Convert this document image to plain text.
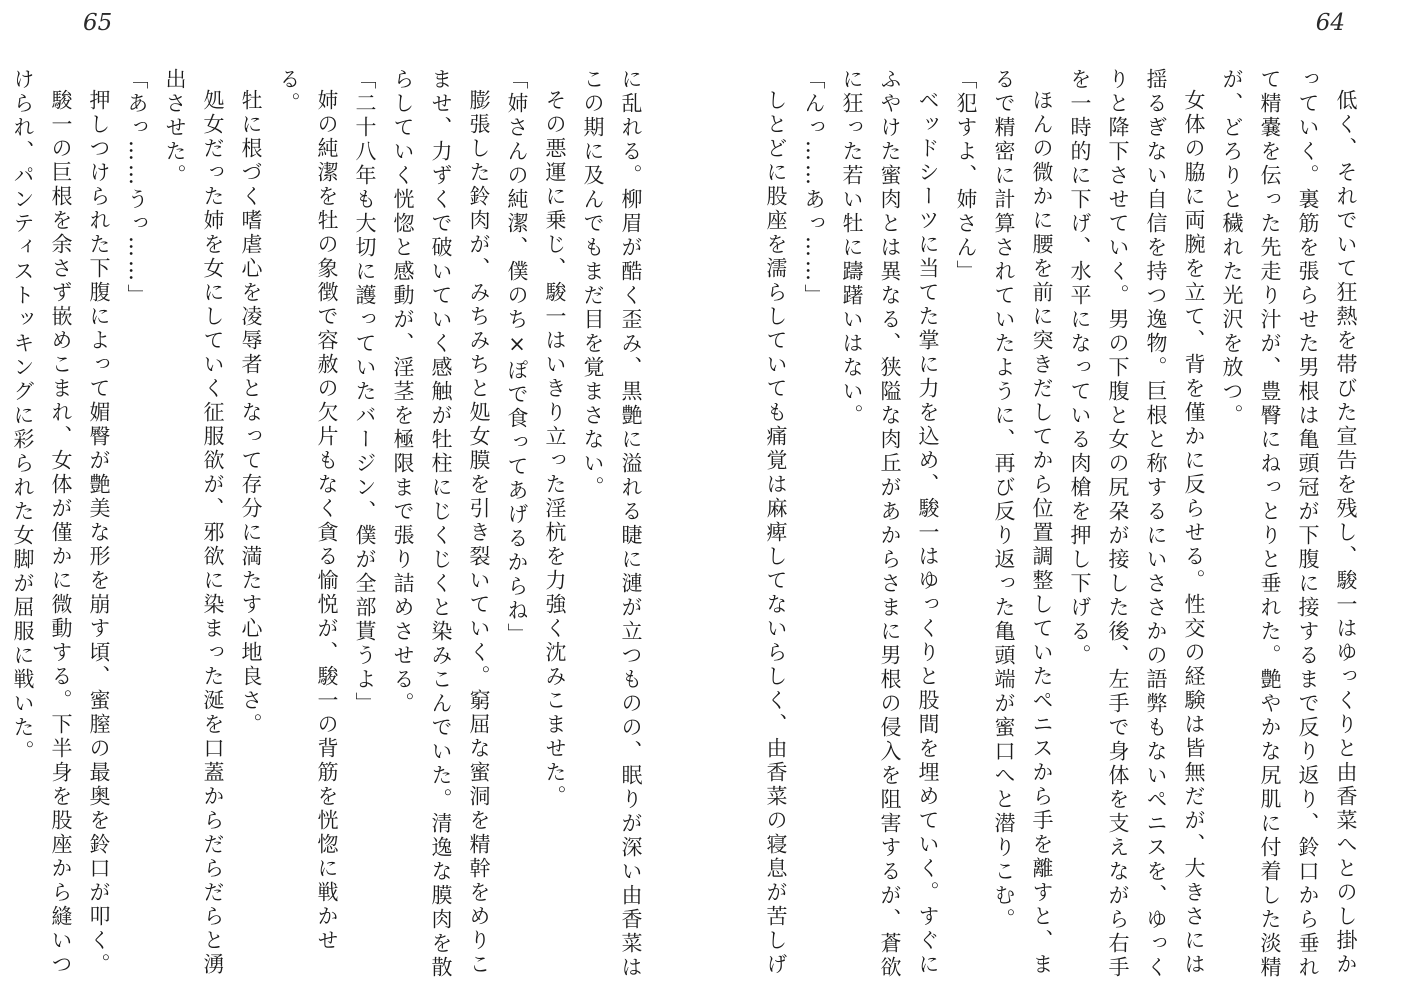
64
65

低く、それでいて狂熱を帯びた宣告を残し、駿一はゆっくりと由香菜へとのし掛かっていく。裏筋を張らせた男根は亀頭冠が下腹に接するまで反り返り、鈴口から垂れて精嚢を伝った先走り汁が、豊臀にねっとりと垂れた。艶やかな尻肌に付着した淡精が、どろりと穢れた光沢を放つ。

女体の脇に両腕を立て、背を僅かに反らせる。性交の経験は皆無だが、大きさには揺るぎない自信を持つ逸物。巨根と称するにいささかの語弊もないペニスを、ゆっくりと降下させていく。男の下腹と女の尻朶が接した後、左手で身体を支えながら右手を一時的に下げ、水平になっている肉槍を押し下げる。

ほんの微かに腰を前に突きだしてから位置調整していたペニスから手を離すと、まるで精密に計算されていたように、再び反り返った亀頭端が蜜口へと潜りこむ。

「犯すよ、姉さん」

ベッドシーツに当てた掌に力を込め、駿一はゆっくりと股間を埋めていく。すぐにふやけた蜜肉とは異なる、狭隘な肉丘があからさまに男根の侵入を阻害するが、蒼欲に狂った若い牡に躊躇いはない。

「んっ……あっ……」

しとどに股座を濡らしていても痛覚は麻痺してないらしく、由香菜の寝息が苦しげ

に乱れる。柳眉が酷く歪み、黒艶に溢れる睫に漣が立つものの、眠りが深い由香菜はこの期に及んでもまだ目を覚まさない。

その悪運に乗じ、駿一はいきり立った淫杭を力強く沈みこませた。

「姉さんの純潔、僕のち×ぽで食ってあげるからね」

膨張した鈴肉が、みちみちと処女膜を引き裂いていく。窮屈な蜜洞を精幹をめりこませ、力ずくで破いていく感触が牡柱にじくじくと染みこんでいた。清逸な膜肉を散らしていく恍惚と感動が、淫茎を極限まで張り詰めさせる。

「二十八年も大切に護っていたバージン、僕が全部貰うよ」

姉の純潔を牡の象徴で容赦の欠片もなく貪る愉悦が、駿一の背筋を恍惚に戦かせる。

牡に根づく嗜虐心を凌辱者となって存分に満たす心地良さ。

処女だった姉を女にしていく征服欲が、邪欲に染まった涎を口蓋からだらだらと湧出させた。

「あっ……うっ……」

押しつけられた下腹によって媚臀が艶美な形を崩す頃、蜜膣の最奥を鈴口が叩く。

駿一の巨根を余さず嵌めこまれ、女体が僅かに微動する。下半身を股座から縫いつけられ、パンティストッキングに彩られた女脚が屈服に戦いた。
